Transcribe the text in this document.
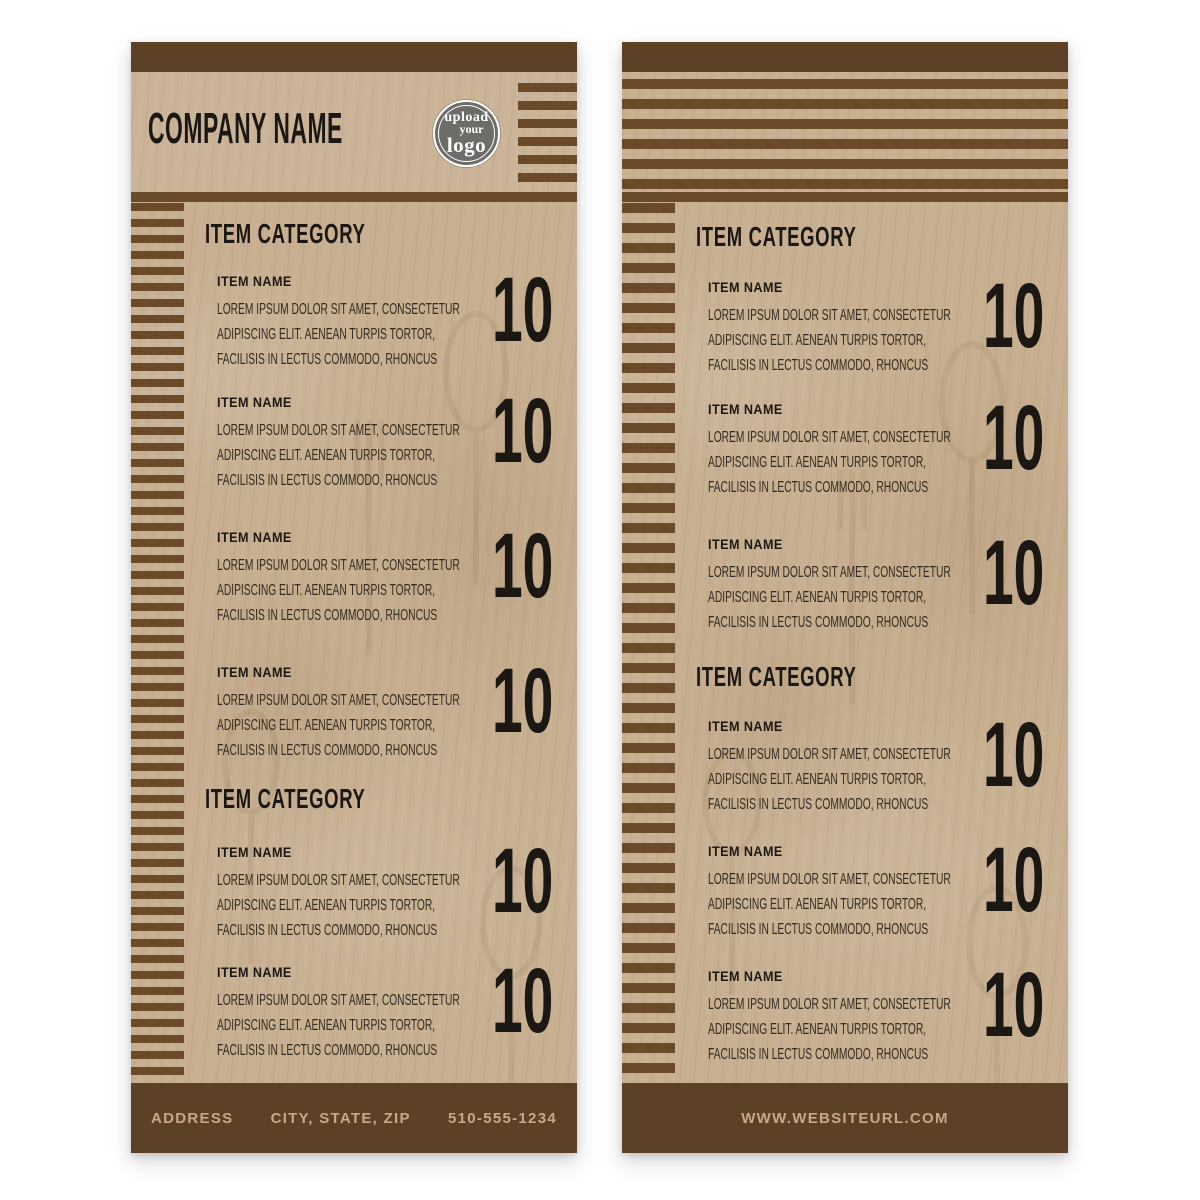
COMPANY NAME	upload
your
logo
ITEM CATEGORY
ITEM NAME
LOREM IPSUM DOLOR SIT AMET, CONSECTETUR
ADIPISCING ELIT. AENEAN TURPIS TORTOR,
FACILISIS IN LECTUS COMMODO, RHONCUS 10
ITEM NAME
LOREM IPSUM DOLOR SIT AMET, CONSECTETUR
ADIPISCING ELIT. AENEAN TURPIS TORTOR,
FACILISIS IN LECTUS COMMODO, RHONCUS 10
ITEM NAME
LOREM IPSUM DOLOR SIT AMET, CONSECTETUR
ADIPISCING ELIT. AENEAN TURPIS TORTOR,
FACILISIS IN LECTUS COMMODO, RHONCUS 10
ITEM NAME
LOREM IPSUM DOLOR SIT AMET, CONSECTETUR
ADIPISCING ELIT. AENEAN TURPIS TORTOR,
FACILISIS IN LECTUS COMMODO, RHONCUS 10
ITEM CATEGORY
ITEM NAME
LOREM IPSUM DOLOR SIT AMET, CONSECTETUR
ADIPISCING ELIT. AENEAN TURPIS TORTOR,
FACILISIS IN LECTUS COMMODO, RHONCUS 10
ITEM NAME
LOREM IPSUM DOLOR SIT AMET, CONSECTETUR
ADIPISCING ELIT. AENEAN TURPIS TORTOR,
FACILISIS IN LECTUS COMMODO, RHONCUS 10
ADDRESS CITY, STATE, ZIP 510-555-1234
ITEM CATEGORY
ITEM NAME
LOREM IPSUM DOLOR SIT AMET, CONSECTETUR
ADIPISCING ELIT. AENEAN TURPIS TORTOR,
FACILISIS IN LECTUS COMMODO, RHONCUS 10
ITEM NAME
LOREM IPSUM DOLOR SIT AMET, CONSECTETUR
ADIPISCING ELIT. AENEAN TURPIS TORTOR,
FACILISIS IN LECTUS COMMODO, RHONCUS 10
ITEM NAME
LOREM IPSUM DOLOR SIT AMET, CONSECTETUR
ADIPISCING ELIT. AENEAN TURPIS TORTOR,
FACILISIS IN LECTUS COMMODO, RHONCUS 10
ITEM CATEGORY
ITEM NAME
LOREM IPSUM DOLOR SIT AMET, CONSECTETUR
ADIPISCING ELIT. AENEAN TURPIS TORTOR,
FACILISIS IN LECTUS COMMODO, RHONCUS 10
ITEM NAME
LOREM IPSUM DOLOR SIT AMET, CONSECTETUR
ADIPISCING ELIT. AENEAN TURPIS TORTOR,
FACILISIS IN LECTUS COMMODO, RHONCUS 10
ITEM NAME
LOREM IPSUM DOLOR SIT AMET, CONSECTETUR
ADIPISCING ELIT. AENEAN TURPIS TORTOR,
FACILISIS IN LECTUS COMMODO, RHONCUS 10
WWW.WEBSITEURL.COM
